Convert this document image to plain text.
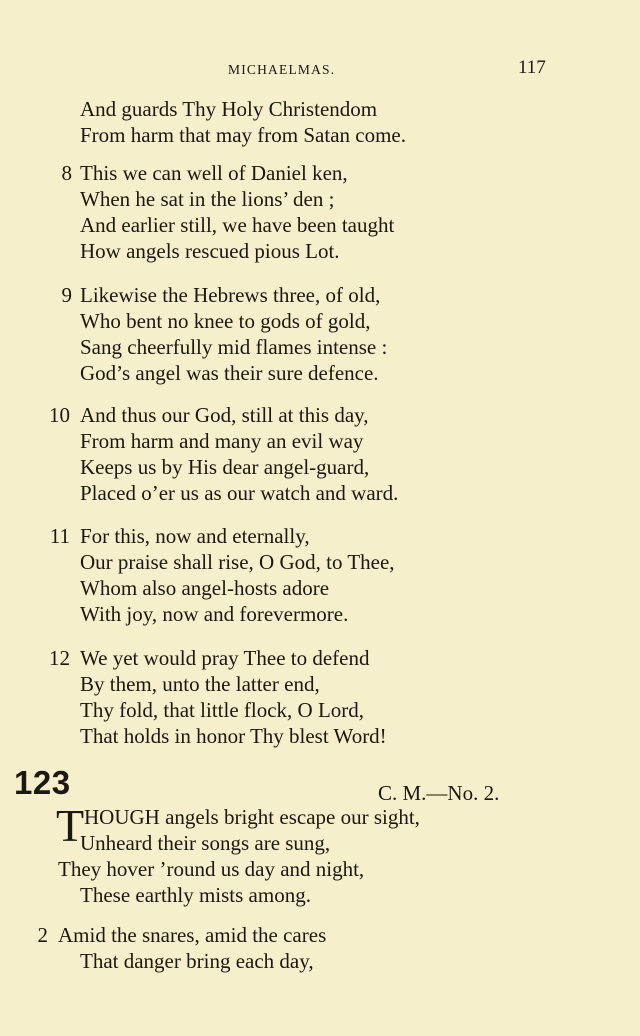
MICHAELMAS.	117
And guards Thy Holy Christendom
From harm that may from Satan come.
8 This we can well of Daniel ken,
When he sat in the lions’ den ;
And earlier still, we have been taught
How angels rescued pious Lot.
9 Likewise the Hebrews three, of old,
Who bent no knee to gods of gold,
Sang cheerfully mid flames intense :
God’s angel was their sure defence.
10 And thus our God, still at this day,
From harm and many an evil way
Keeps us by His dear angel-guard,
Placed o’er us as our watch and ward.
11 For this, now and eternally,
Our praise shall rise, O God, to Thee,
Whom also angel-hosts adore
With joy, now and forevermore.
12 We yet would pray Thee to defend
By them, unto the latter end,
Thy fold, that little flock, O Lord,
That holds in honor Thy blest Word!
123	C. M.—No. 2.
T HOUGH angels bright escape our sight,
Unheard their songs are sung,
They hover ’round us day and night,
These earthly mists among.
2 Amid the snares, amid the cares
That danger bring each day,
